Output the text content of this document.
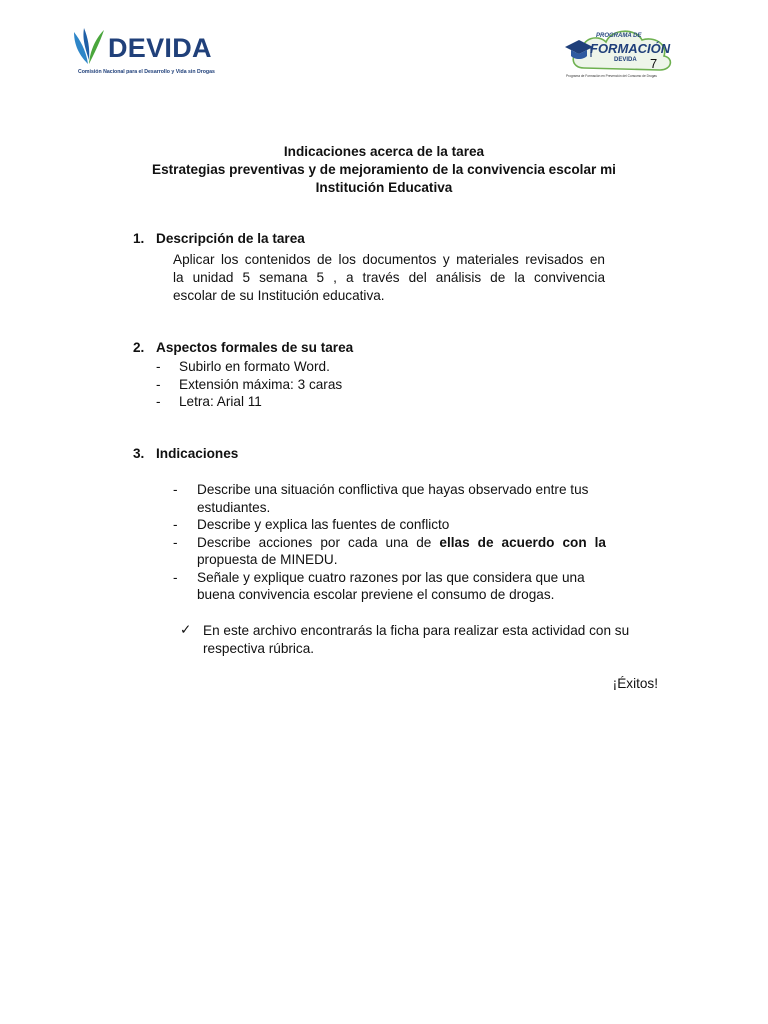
DEVIDA
Comisión Nacional para el Desarrollo y Vida sin Drogas
PROGRAMA DE
FORMACIÓN
DEVIDA
Programa de Formación en Prevención del Consumo de Drogas
7
Indicaciones acerca de la tarea
Estrategias preventivas y de mejoramiento de la convivencia escolar mi
Institución Educativa
1. Descripción de la tarea
Aplicar los contenidos de los documentos y materiales revisados en
la unidad 5 semana 5 , a través del análisis de la convivencia
escolar de su Institución educativa.
2. Aspectos formales de su tarea
- Subirlo en formato Word.
- Extensión máxima: 3 caras
- Letra: Arial 11
3. Indicaciones
- Describe una situación conflictiva que hayas observado entre tus
estudiantes.
- Describe y explica las fuentes de conflicto
- Describe acciones por cada una de ellas de acuerdo con la
propuesta de MINEDU.
- Señale y explique cuatro razones por las que considera que una
buena convivencia escolar previene el consumo de drogas.
✓ En este archivo encontrarás la ficha para realizar esta actividad con su
respectiva rúbrica.
¡Éxitos!
